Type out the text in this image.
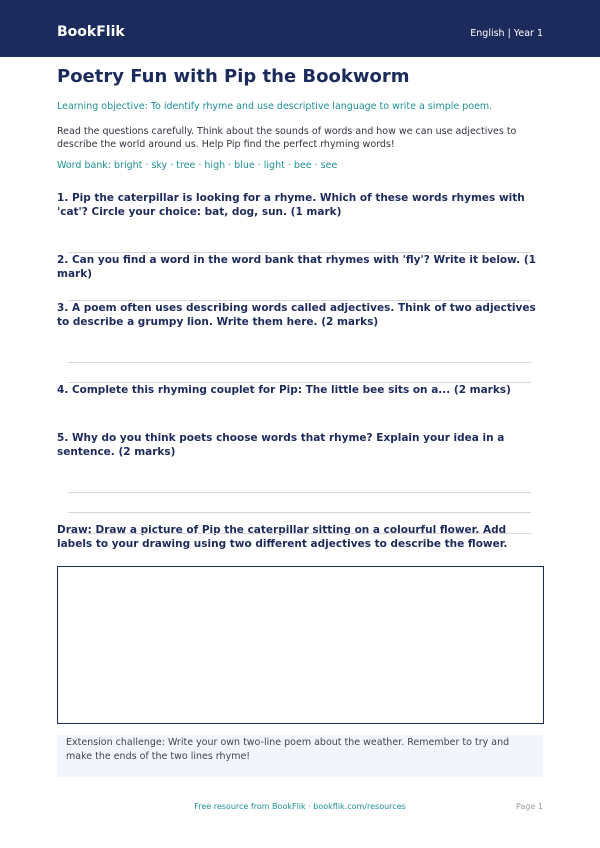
BookFlik	English | Year 1
Poetry Fun with Pip the Bookworm
Learning objective: To identify rhyme and use descriptive language to write a simple poem.
Read the questions carefully. Think about the sounds of words and how we can use adjectives to describe the world around us. Help Pip find the perfect rhyming words!
Word bank: bright · sky · tree · high · blue · light · bee · see
1. Pip the caterpillar is looking for a rhyme. Which of these words rhymes with 'cat'? Circle your choice: bat, dog, sun. (1 mark)
2. Can you find a word in the word bank that rhymes with 'fly'? Write it below. (1 mark)
3. A poem often uses describing words called adjectives. Think of two adjectives to describe a grumpy lion. Write them here. (2 marks)
4. Complete this rhyming couplet for Pip: The little bee sits on a... (2 marks)
5. Why do you think poets choose words that rhyme? Explain your idea in a sentence. (2 marks)
Draw: Draw a picture of Pip the caterpillar sitting on a colourful flower. Add labels to your drawing using two different adjectives to describe the flower.
Extension challenge: Write your own two-line poem about the weather. Remember to try and make the ends of the two lines rhyme!
Free resource from BookFlik · bookflik.com/resources	Page 1
